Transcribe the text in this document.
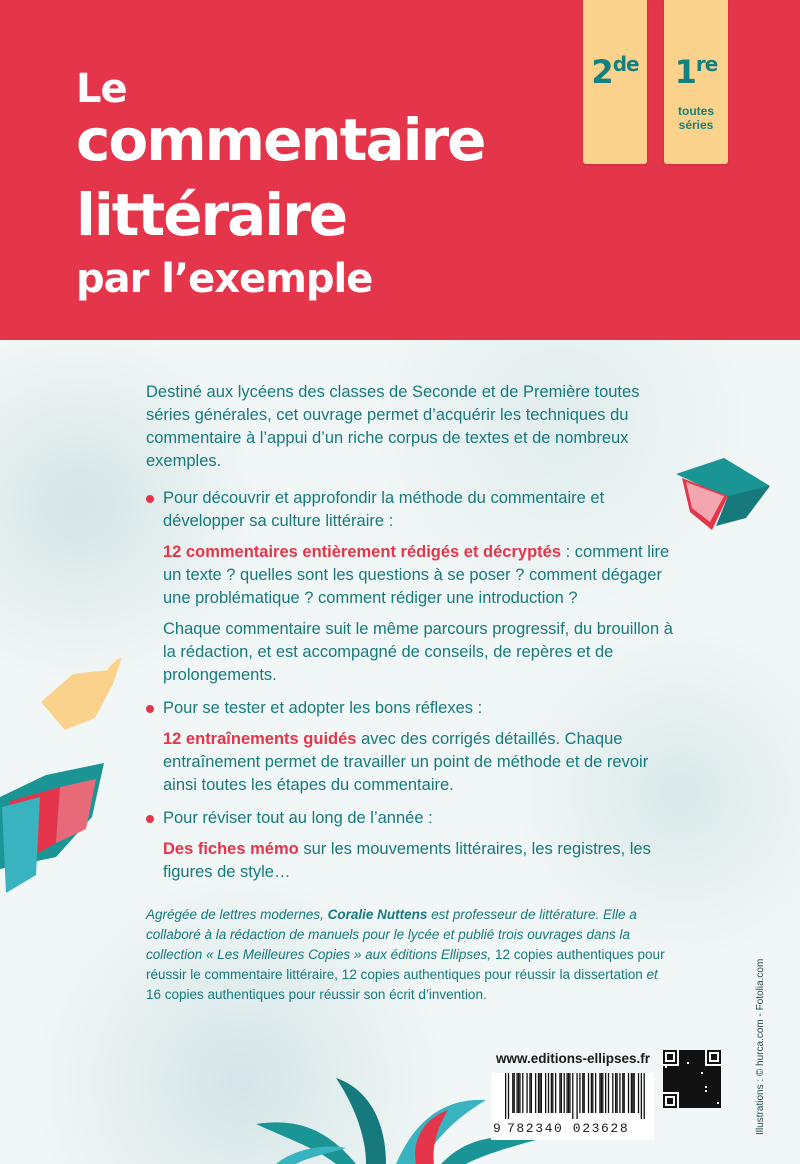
Le
commentaire
littéraire
par l’exemple
2de	1re
toutes
séries

Destiné aux lycéens des classes de Seconde et de Première toutes séries générales, cet ouvrage permet d’acquérir les techniques du commentaire à l’appui d’un riche corpus de textes et de nombreux exemples.

Pour découvrir et approfondir la méthode du commentaire et développer sa culture littéraire :

12 commentaires entièrement rédigés et décryptés : comment lire un texte ? quelles sont les questions à se poser ? comment dégager une problématique ? comment rédiger une introduction ?

Chaque commentaire suit le même parcours progressif, du brouillon à la rédaction, et est accompagné de conseils, de repères et de prolongements.

Pour se tester et adopter les bons réflexes :

12 entraînements guidés avec des corrigés détaillés. Chaque entraînement permet de travailler un point de méthode et de revoir ainsi toutes les étapes du commentaire.

Pour réviser tout au long de l’année :

Des fiches mémo sur les mouvements littéraires, les registres, les figures de style…

Agrégée de lettres modernes, Coralie Nuttens est professeur de littérature. Elle a collaboré à la rédaction de manuels pour le lycée et publié trois ouvrages dans la collection « Les Meilleures Copies » aux éditions Ellipses, 12 copies authentiques pour réussir le commentaire littéraire, 12 copies authentiques pour réussir la dissertation et 16 copies authentiques pour réussir son écrit d’invention.	Illustrations : © hurca.com - Fotolia.com

www.editions-ellipses.fr

9 782340 023628
